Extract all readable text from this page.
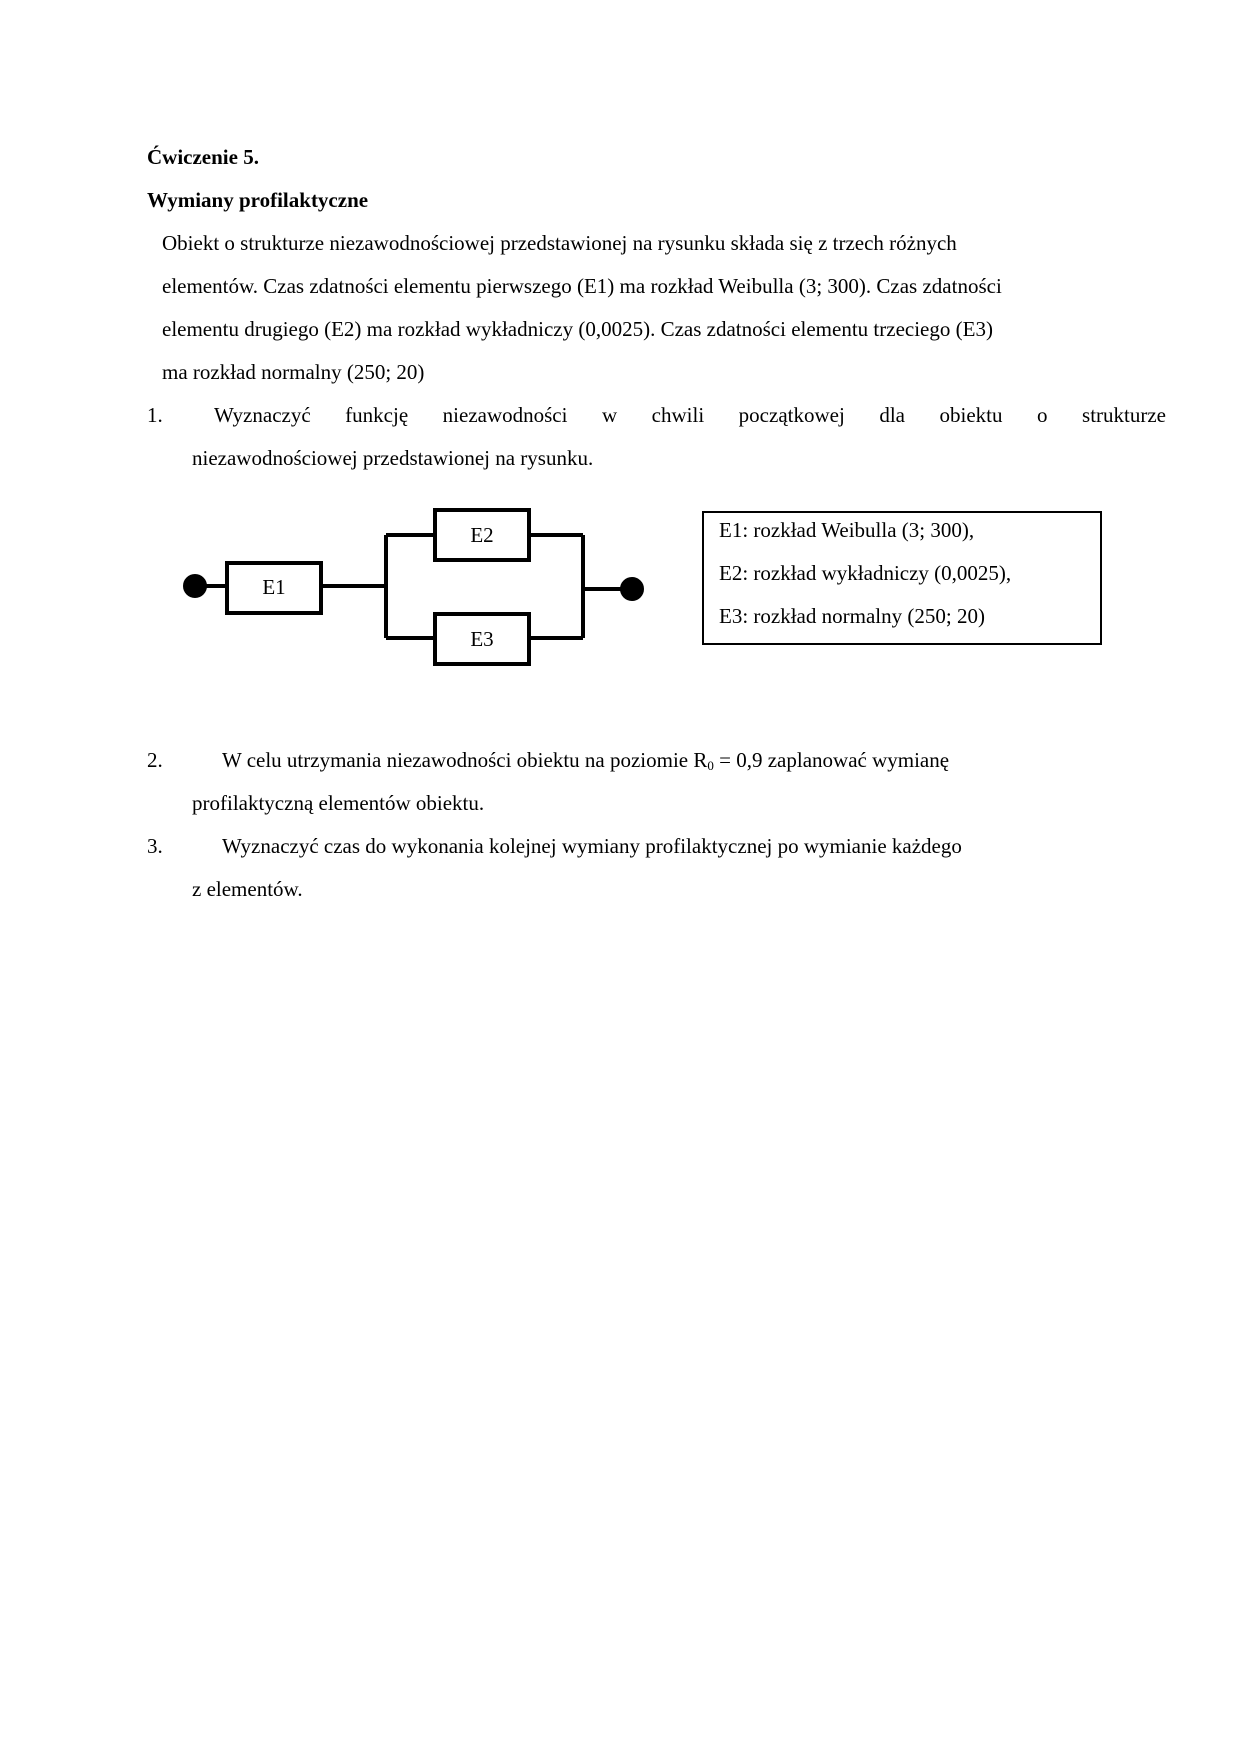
Ćwiczenie 5.

Wymiany profilaktyczne

Obiekt o strukturze niezawodnościowej przedstawionej na rysunku składa się z trzech różnych

elementów. Czas zdatności elementu pierwszego (E1) ma rozkład Weibulla (3; 300). Czas zdatności

elementu drugiego (E2) ma rozkład wykładniczy (0,0025). Czas zdatności elementu trzeciego (E3)

ma rozkład normalny (250; 20)

1. Wyznaczyć funkcję niezawodności w chwili początkowej dla obiektu o strukturze

niezawodnościowej przedstawionej na rysunku.

E1
E2
E3
E1: rozkład Weibulla (3; 300),
E2: rozkład wykładniczy (0,0025),
E3: rozkład normalny (250; 20)

2.	W celu utrzymania niezawodności obiektu na poziomie $R_0 = 0,9$ zaplanować wymianę

profilaktyczną elementów obiektu.

3.	Wyznaczyć czas do wykonania kolejnej wymiany profilaktycznej po wymianie każdego

z elementów.
